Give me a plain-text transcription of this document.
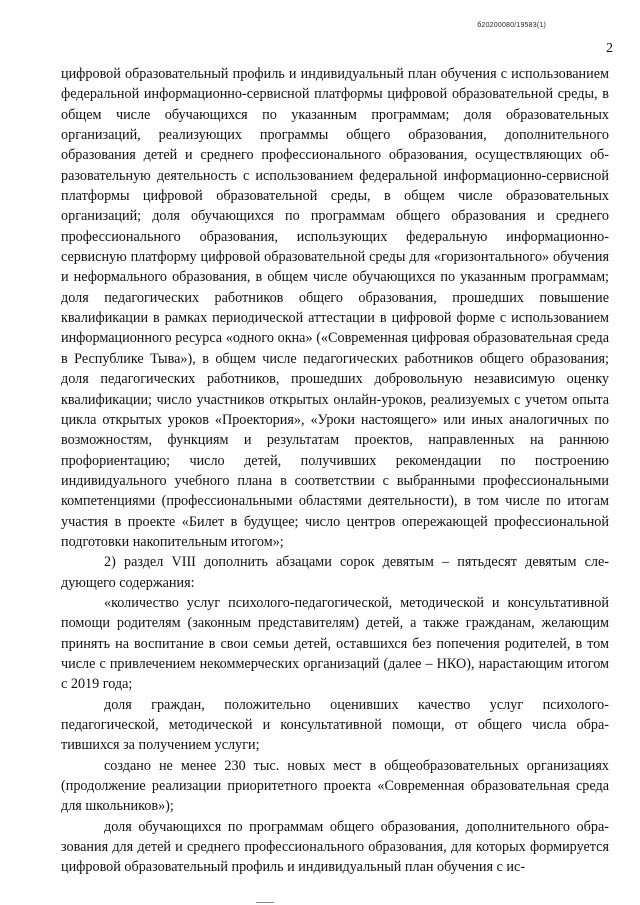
б20200080/19583(1)
2

цифровой образовательный профиль и индивидуальный план обучения с использованием федеральной информационно-сервисной платформы цифровой образовательной среды, в общем числе обучающихся по указанным программам; доля образовательных организаций, реализующих программы общего образования, дополнительного образования детей и среднего профессионального образования, осуществляющих образовательную деятельность с использованием федеральной информационно-сервисной платформы цифровой образовательной среды, в общем числе образовательных организаций; доля обучающихся по программам общего образования и среднего профессионального образования, использующих федеральную информационно-сервисную платформу цифровой образовательной среды для «горизонтального» обучения и неформального образования, в общем числе обучающихся по указанным программам; доля педагогических работников общего образования, прошедших повышение квалификации в рамках периодической аттестации в цифровой форме с использованием информационного ресурса «одного окна» («Современная цифровая образовательная среда в Республике Тыва»), в общем числе педагогических работников общего образования; доля педагогических работников, прошедших добровольную независимую оценку квалификации; число участников открытых онлайн-уроков, реализуемых с учетом опыта цикла открытых уроков «Проектория», «Уроки настоящего» или иных аналогичных по возможностям, функциям и результатам проектов, направленных на раннюю профориентацию; число детей, получивших рекомендации по построению индивидуального учебного плана в соответствии с выбранными профессиональными компетенциями (профессиональными областями деятельности), в том числе по итогам участия в проекте «Билет в будущее; число центров опережающей профессиональной подготовки накопительным итогом»;

2) раздел VIII дополнить абзацами сорок девятым – пятьдесят девятым следующего содержания:

«количество услуг психолого-педагогической, методической и консультативной помощи родителям (законным представителям) детей, а также гражданам, желающим принять на воспитание в свои семьи детей, оставшихся без попечения родителей, в том числе с привлечением некоммерческих организаций (далее – НКО), нарастающим итогом с 2019 года;

доля граждан, положительно оценивших качество услуг психолого-педагогической, методической и консультативной помощи, от общего числа обратившихся за получением услуги;

создано не менее 230 тыс. новых мест в общеобразовательных организациях (продолжение реализации приоритетного проекта «Современная образовательная среда для школьников»);

доля обучающихся по программам общего образования, дополнительного образования для детей и среднего профессионального образования, для которых формируется цифровой образовательный профиль и индивидуальный план обучения с ис-
